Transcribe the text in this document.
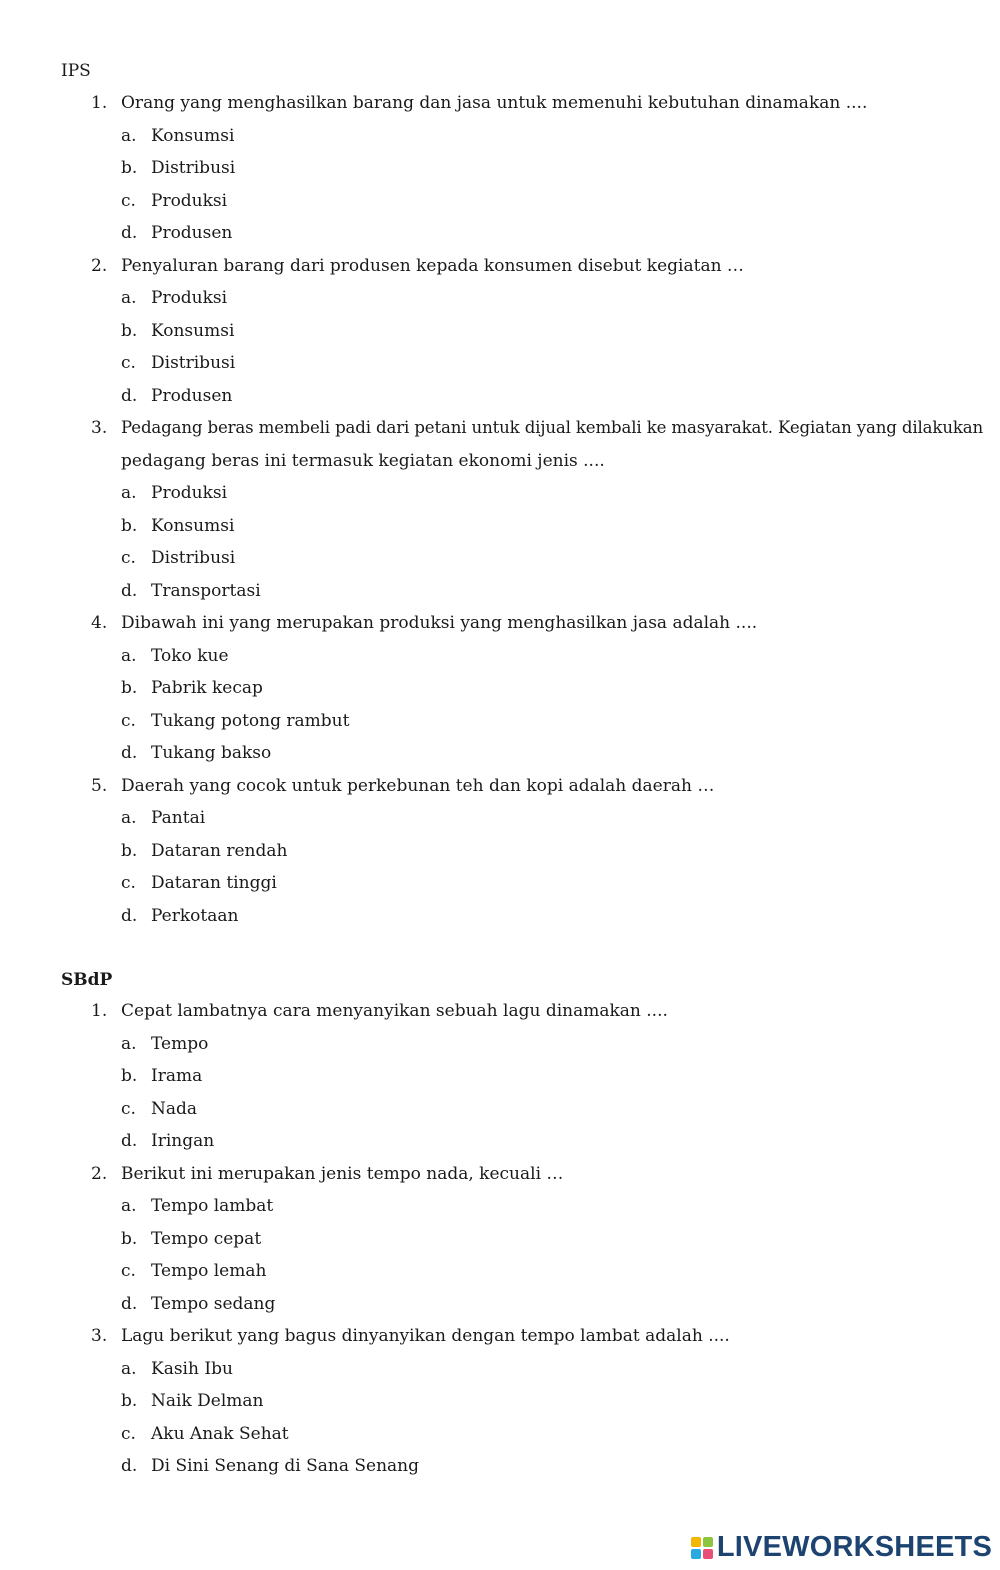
IPS
1. Orang yang menghasilkan barang dan jasa untuk memenuhi kebutuhan dinamakan ....
a. Konsumsi
b. Distribusi
c. Produksi
d. Produsen
2. Penyaluran barang dari produsen kepada konsumen disebut kegiatan …
a. Produksi
b. Konsumsi
c. Distribusi
d. Produsen
3. Pedagang beras membeli padi dari petani untuk dijual kembali ke masyarakat. Kegiatan yang dilakukan
pedagang beras ini termasuk kegiatan ekonomi jenis ....
a. Produksi
b. Konsumsi
c. Distribusi
d. Transportasi
4. Dibawah ini yang merupakan produksi yang menghasilkan jasa adalah ....
a. Toko kue
b. Pabrik kecap
c. Tukang potong rambut
d. Tukang bakso
5. Daerah yang cocok untuk perkebunan teh dan kopi adalah daerah …
a. Pantai
b. Dataran rendah
c. Dataran tinggi
d. Perkotaan
SBdP
1. Cepat lambatnya cara menyanyikan sebuah lagu dinamakan ....
a. Tempo
b. Irama
c. Nada
d. Iringan
2. Berikut ini merupakan jenis tempo nada, kecuali …
a. Tempo lambat
b. Tempo cepat
c. Tempo lemah
d. Tempo sedang
3. Lagu berikut yang bagus dinyanyikan dengan tempo lambat adalah ....
a. Kasih Ibu
b. Naik Delman
c. Aku Anak Sehat
d. Di Sini Senang di Sana Senang
LIVEWORKSHEETS
